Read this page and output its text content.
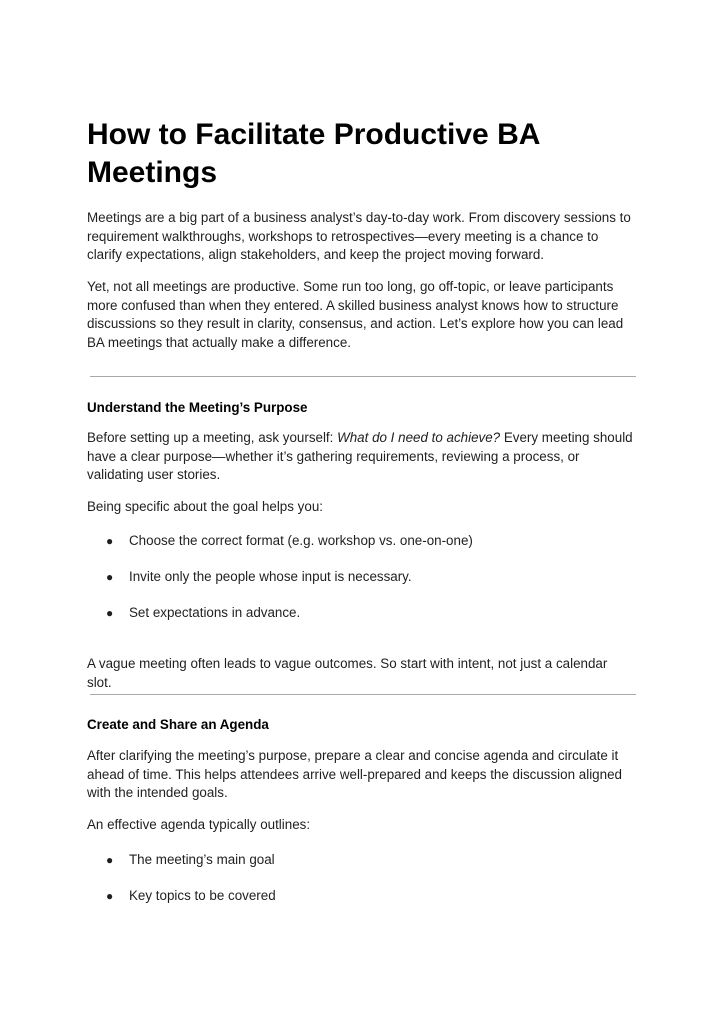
How to Facilitate Productive BA Meetings

Meetings are a big part of a business analyst’s day-to-day work. From discovery sessions to requirement walkthroughs, workshops to retrospectives—every meeting is a chance to clarify expectations, align stakeholders, and keep the project moving forward.

Yet, not all meetings are productive. Some run too long, go off-topic, or leave participants more confused than when they entered. A skilled business analyst knows how to structure discussions so they result in clarity, consensus, and action. Let’s explore how you can lead BA meetings that actually make a difference.

Understand the Meeting’s Purpose

Before setting up a meeting, ask yourself: What do I need to achieve? Every meeting should have a clear purpose—whether it’s gathering requirements, reviewing a process, or validating user stories.

Being specific about the goal helps you:

● Choose the correct format (e.g. workshop vs. one-on-one)
● Invite only the people whose input is necessary.
● Set expectations in advance.

A vague meeting often leads to vague outcomes. So start with intent, not just a calendar slot.

Create and Share an Agenda

After clarifying the meeting’s purpose, prepare a clear and concise agenda and circulate it ahead of time. This helps attendees arrive well-prepared and keeps the discussion aligned with the intended goals.

An effective agenda typically outlines:

● The meeting’s main goal
● Key topics to be covered
